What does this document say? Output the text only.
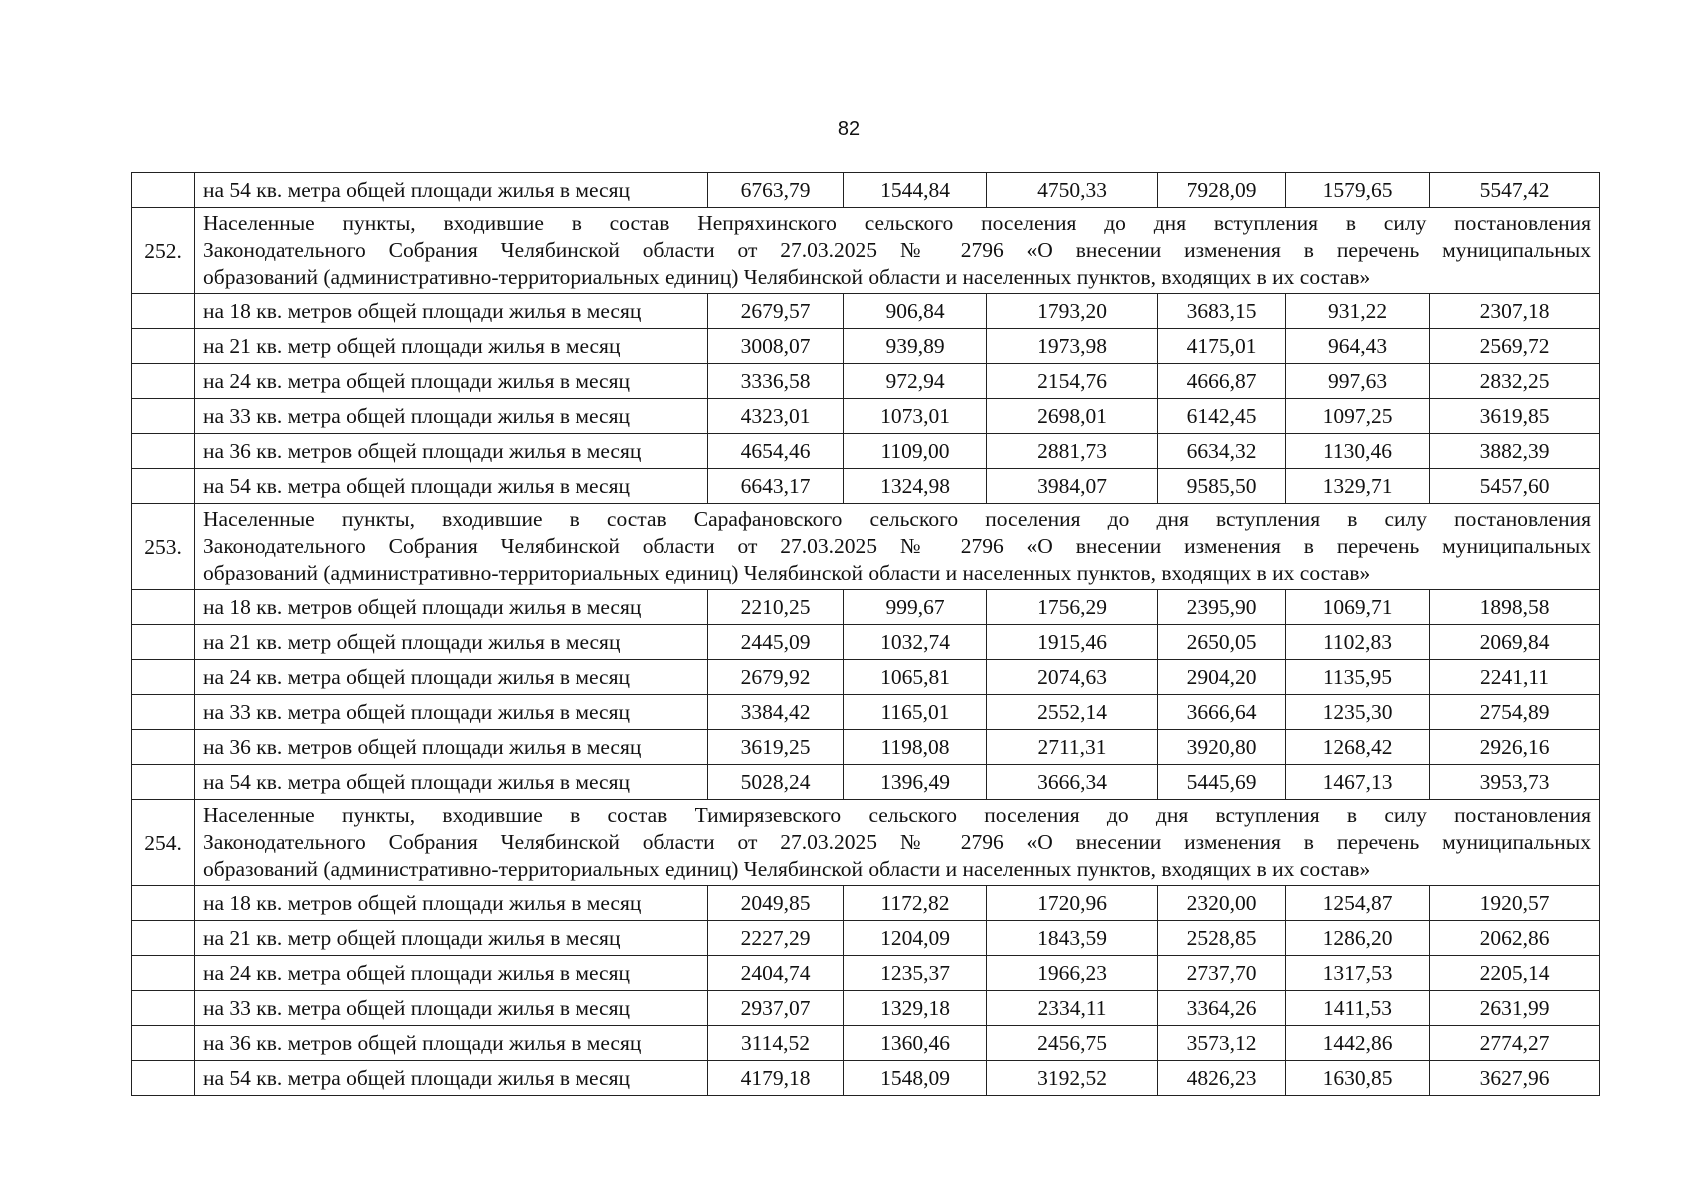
82
	на 54 кв. метра общей площади жилья в месяц	6763,79	1544,84	4750,33	7928,09	1579,65	5547,42
252.	Населенные пункты, входившие в состав Непряхинского сельского поселения до дня вступления в силу постановления
Законодательного Собрания Челябинской области от 27.03.2025 № 2796 «О внесении изменения в перечень муниципальных
образований (административно-территориальных единиц) Челябинской области и населенных пунктов, входящих в их состав»						

	на 18 кв. метров общей площади жилья в месяц	2679,57	906,84	1793,20	3683,15	931,22	2307,18
	на 21 кв. метр общей площади жилья в месяц	3008,07	939,89	1973,98	4175,01	964,43	2569,72
	на 24 кв. метра общей площади жилья в месяц	3336,58	972,94	2154,76	4666,87	997,63	2832,25
	на 33 кв. метра общей площади жилья в месяц	4323,01	1073,01	2698,01	6142,45	1097,25	3619,85
	на 36 кв. метров общей площади жилья в месяц	4654,46	1109,00	2881,73	6634,32	1130,46	3882,39
	на 54 кв. метра общей площади жилья в месяц	6643,17	1324,98	3984,07	9585,50	1329,71	5457,60
253.	Населенные пункты, входившие в состав Сарафановского сельского поселения до дня вступления в силу постановления
Законодательного Собрания Челябинской области от 27.03.2025 № 2796 «О внесении изменения в перечень муниципальных
образований (административно-территориальных единиц) Челябинской области и населенных пунктов, входящих в их состав»						

	на 18 кв. метров общей площади жилья в месяц	2210,25	999,67	1756,29	2395,90	1069,71	1898,58
	на 21 кв. метр общей площади жилья в месяц	2445,09	1032,74	1915,46	2650,05	1102,83	2069,84
	на 24 кв. метра общей площади жилья в месяц	2679,92	1065,81	2074,63	2904,20	1135,95	2241,11
	на 33 кв. метра общей площади жилья в месяц	3384,42	1165,01	2552,14	3666,64	1235,30	2754,89
	на 36 кв. метров общей площади жилья в месяц	3619,25	1198,08	2711,31	3920,80	1268,42	2926,16
	на 54 кв. метра общей площади жилья в месяц	5028,24	1396,49	3666,34	5445,69	1467,13	3953,73
254.	Населенные пункты, входившие в состав Тимирязевского сельского поселения до дня вступления в силу постановления
Законодательного Собрания Челябинской области от 27.03.2025 № 2796 «О внесении изменения в перечень муниципальных
образований (административно-территориальных единиц) Челябинской области и населенных пунктов, входящих в их состав»						

	на 18 кв. метров общей площади жилья в месяц	2049,85	1172,82	1720,96	2320,00	1254,87	1920,57
	на 21 кв. метр общей площади жилья в месяц	2227,29	1204,09	1843,59	2528,85	1286,20	2062,86
	на 24 кв. метра общей площади жилья в месяц	2404,74	1235,37	1966,23	2737,70	1317,53	2205,14
	на 33 кв. метра общей площади жилья в месяц	2937,07	1329,18	2334,11	3364,26	1411,53	2631,99
	на 36 кв. метров общей площади жилья в месяц	3114,52	1360,46	2456,75	3573,12	1442,86	2774,27
	на 54 кв. метра общей площади жилья в месяц	4179,18	1548,09	3192,52	4826,23	1630,85	3627,96
